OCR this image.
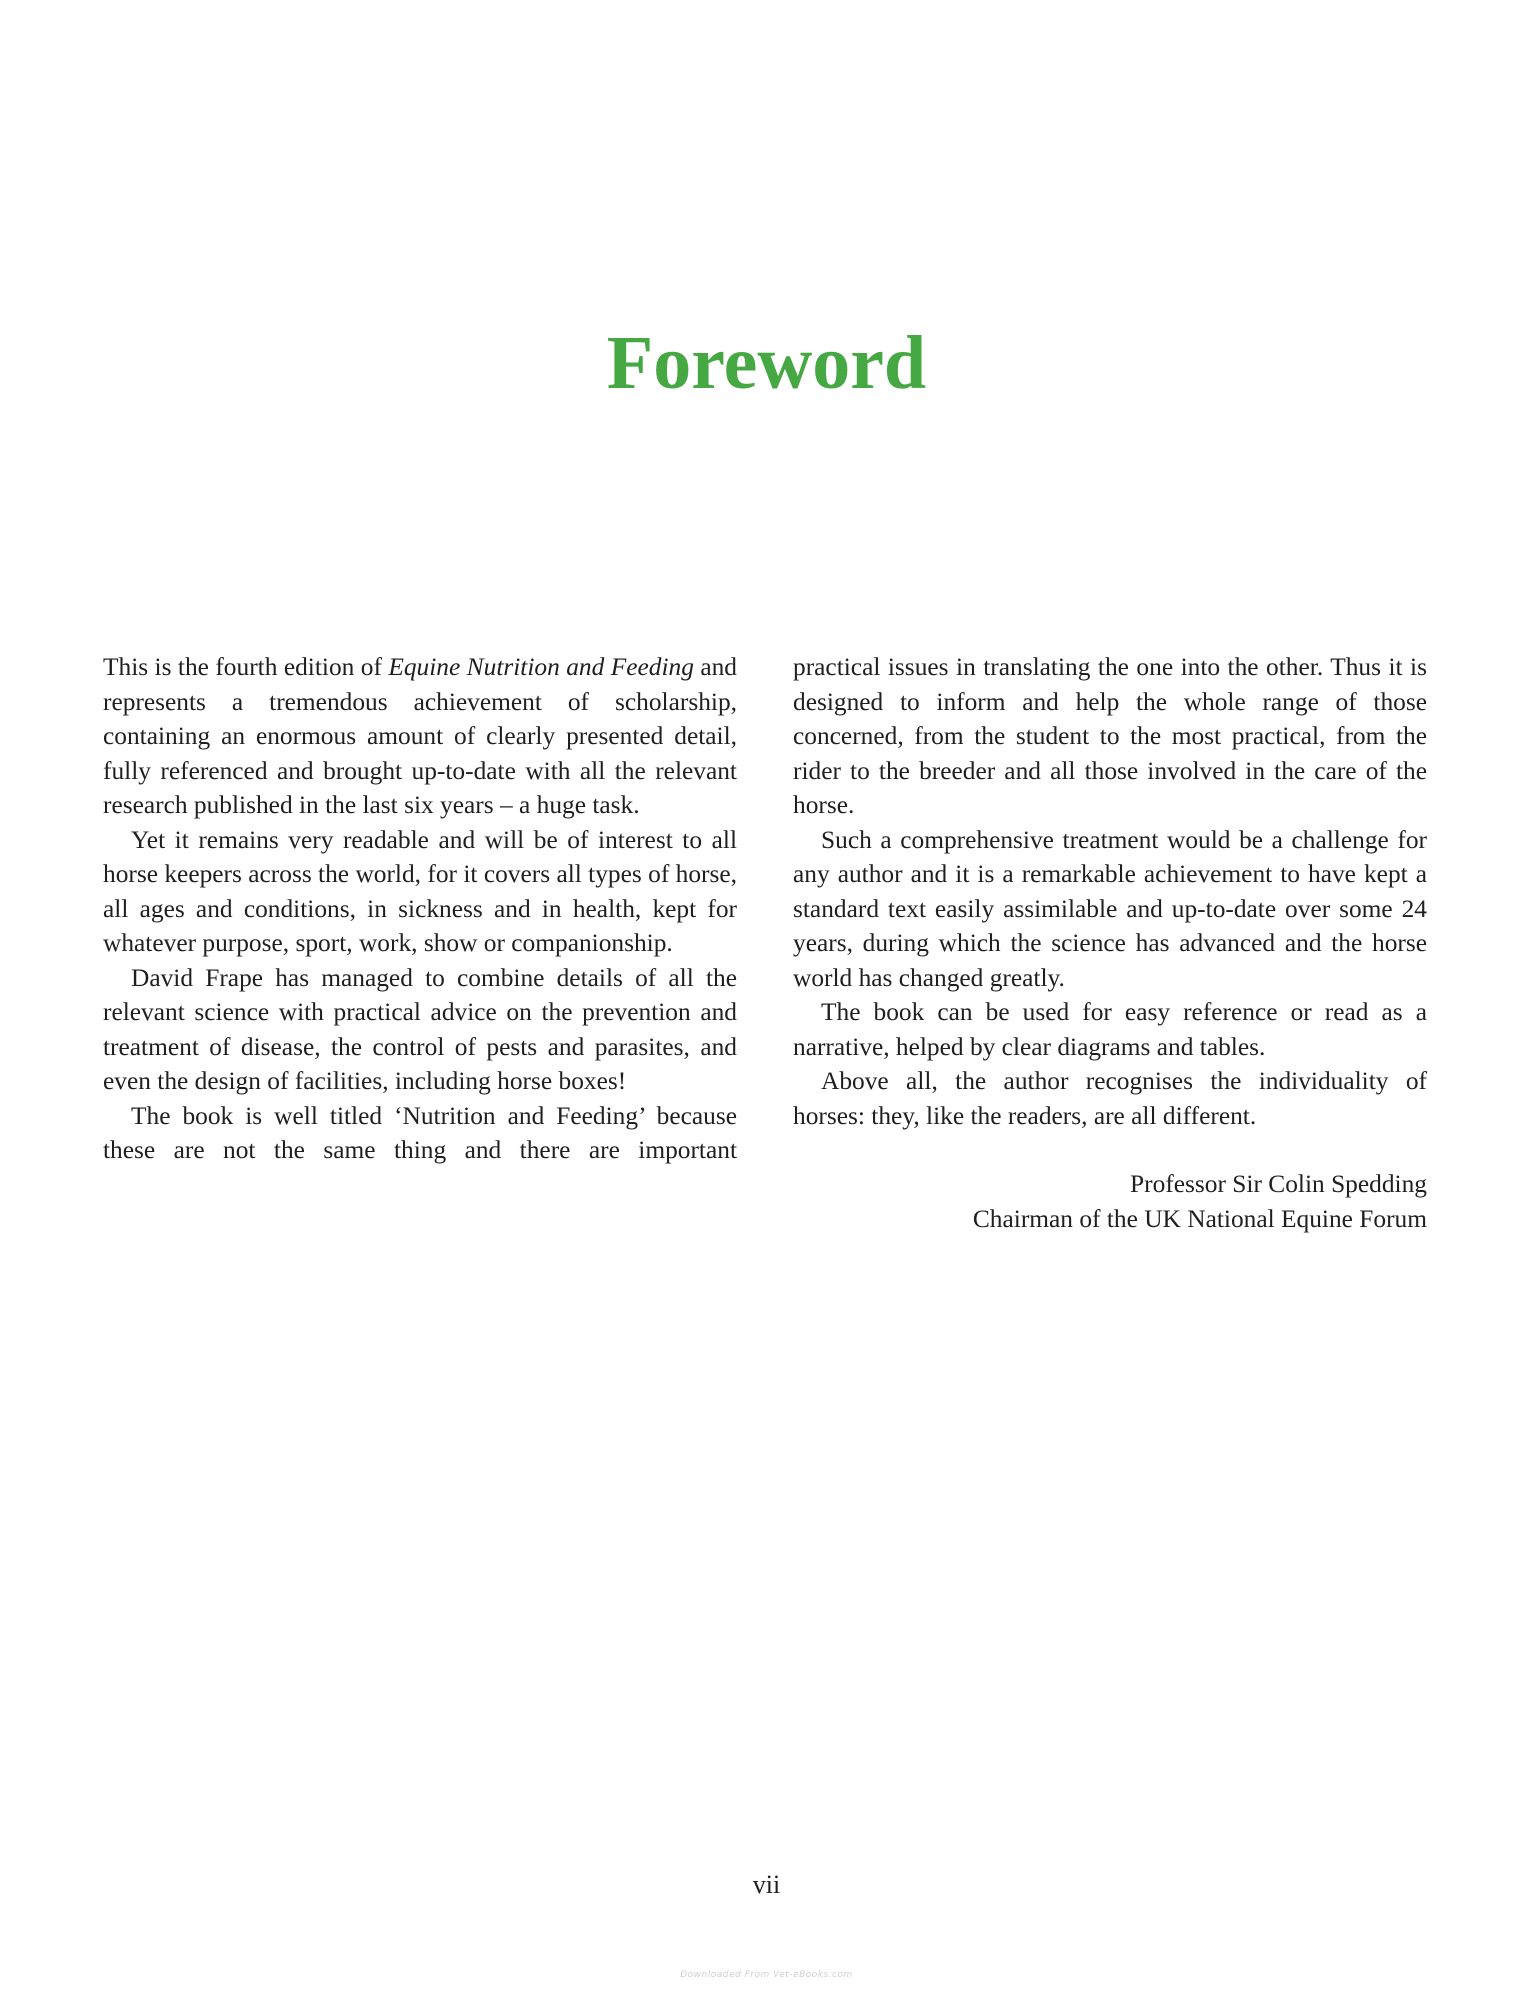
Foreword

This is the fourth edition of Equine Nutrition and Feeding and represents a tremendous achievement of scholarship, containing an enormous amount of clearly presented detail, fully referenced and brought up-to-date with all the relevant research published in the last six years – a huge task.

Yet it remains very readable and will be of interest to all horse keepers across the world, for it covers all types of horse, all ages and conditions, in sickness and in health, kept for whatever purpose, sport, work, show or companionship.

David Frape has managed to combine details of all the relevant science with practical advice on the prevention and treatment of disease, the control of pests and parasites, and even the design of facilities, including horse boxes!

The book is well titled ‘Nutrition and Feeding’ because these are not the same thing and there are important

practical issues in translating the one into the other. Thus it is designed to inform and help the whole range of those concerned, from the student to the most practical, from the rider to the breeder and all those involved in the care of the horse.

Such a comprehensive treatment would be a challenge for any author and it is a remarkable achievement to have kept a standard text easily assimilable and up-to-date over some 24 years, during which the science has advanced and the horse world has changed greatly.

The book can be used for easy reference or read as a narrative, helped by clear diagrams and tables.

Above all, the author recognises the individuality of horses: they, like the readers, are all different.

Professor Sir Colin Spedding
Chairman of the UK National Equine Forum
vii
Downloaded From Vet-eBooks.com
